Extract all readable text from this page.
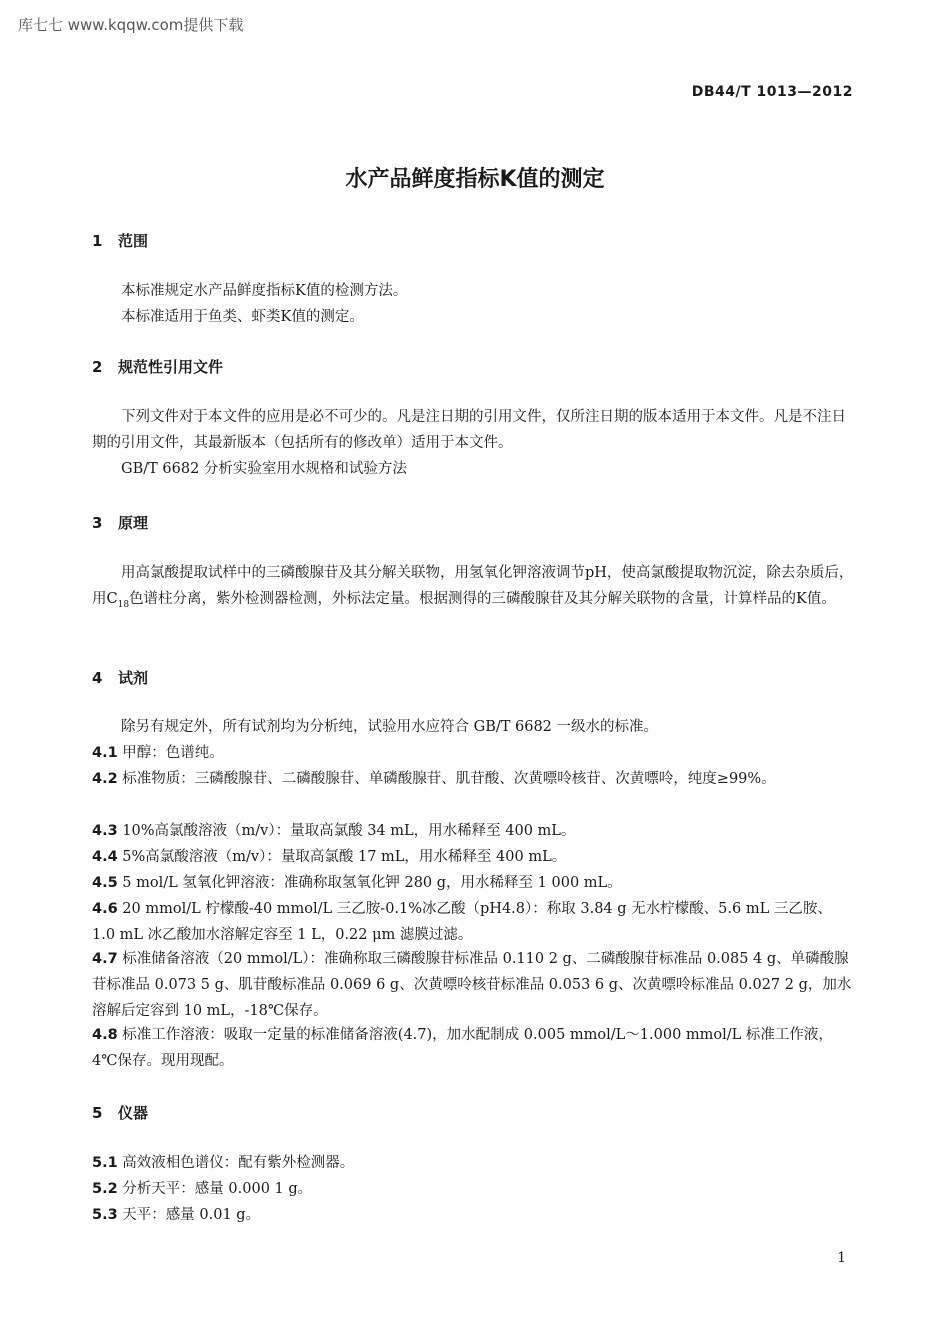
库七七 www.kqqw.com提供下载
DB44/T 1013—2012
水产品鲜度指标K值的测定
1 范围
本标准规定水产品鲜度指标K值的检测方法。
本标准适用于鱼类、虾类K值的测定。
2 规范性引用文件
下列文件对于本文件的应用是必不可少的。凡是注日期的引用文件，仅所注日期的版本适用于本文件。凡是不注日期的引用文件，其最新版本（包括所有的修改单）适用于本文件。
GB/T 6682 分析实验室用水规格和试验方法
3 原理
用高氯酸提取试样中的三磷酸腺苷及其分解关联物，用氢氧化钾溶液调节pH，使高氯酸提取物沉淀，除去杂质后，用$C_{18}$色谱柱分离，紫外检测器检测，外标法定量。根据测得的三磷酸腺苷及其分解关联物的含量，计算样品的K值。
4 试剂
除另有规定外，所有试剂均为分析纯，试验用水应符合 GB/T 6682 一级水的标准。
4.1 甲醇：色谱纯。
4.2 标准物质：三磷酸腺苷、二磷酸腺苷、单磷酸腺苷、肌苷酸、次黄嘌呤核苷、次黄嘌呤，纯度≥99%。
4.3 10%高氯酸溶液（m/v）：量取高氯酸 34 mL，用水稀释至 400 mL。
4.4 5%高氯酸溶液（m/v）：量取高氯酸 17 mL，用水稀释至 400 mL。
4.5 5 mol/L 氢氧化钾溶液：准确称取氢氧化钾 280 g，用水稀释至 1 000 mL。
4.6 20 mmol/L 柠檬酸-40 mmol/L 三乙胺-0.1%冰乙酸（pH4.8）：称取 3.84 g 无水柠檬酸、5.6 mL 三乙胺、1.0 mL 冰乙酸加水溶解定容至 1 L，0.22 μm 滤膜过滤。
4.7 标准储备溶液（20 mmol/L）：准确称取三磷酸腺苷标准品 0.110 2 g、二磷酸腺苷标准品 0.085 4 g、单磷酸腺苷标准品 0.073 5 g、肌苷酸标准品 0.069 6 g、次黄嘌呤核苷标准品 0.053 6 g、次黄嘌呤标准品 0.027 2 g，加水溶解后定容到 10 mL，-18℃保存。
4.8 标准工作溶液：吸取一定量的标准储备溶液(4.7)，加水配制成 0.005 mmol/L～1.000 mmol/L 标准工作液，4℃保存。现用现配。
5 仪器
5.1 高效液相色谱仪：配有紫外检测器。
5.2 分析天平：感量 0.000 1 g。
5.3 天平：感量 0.01 g。
1
